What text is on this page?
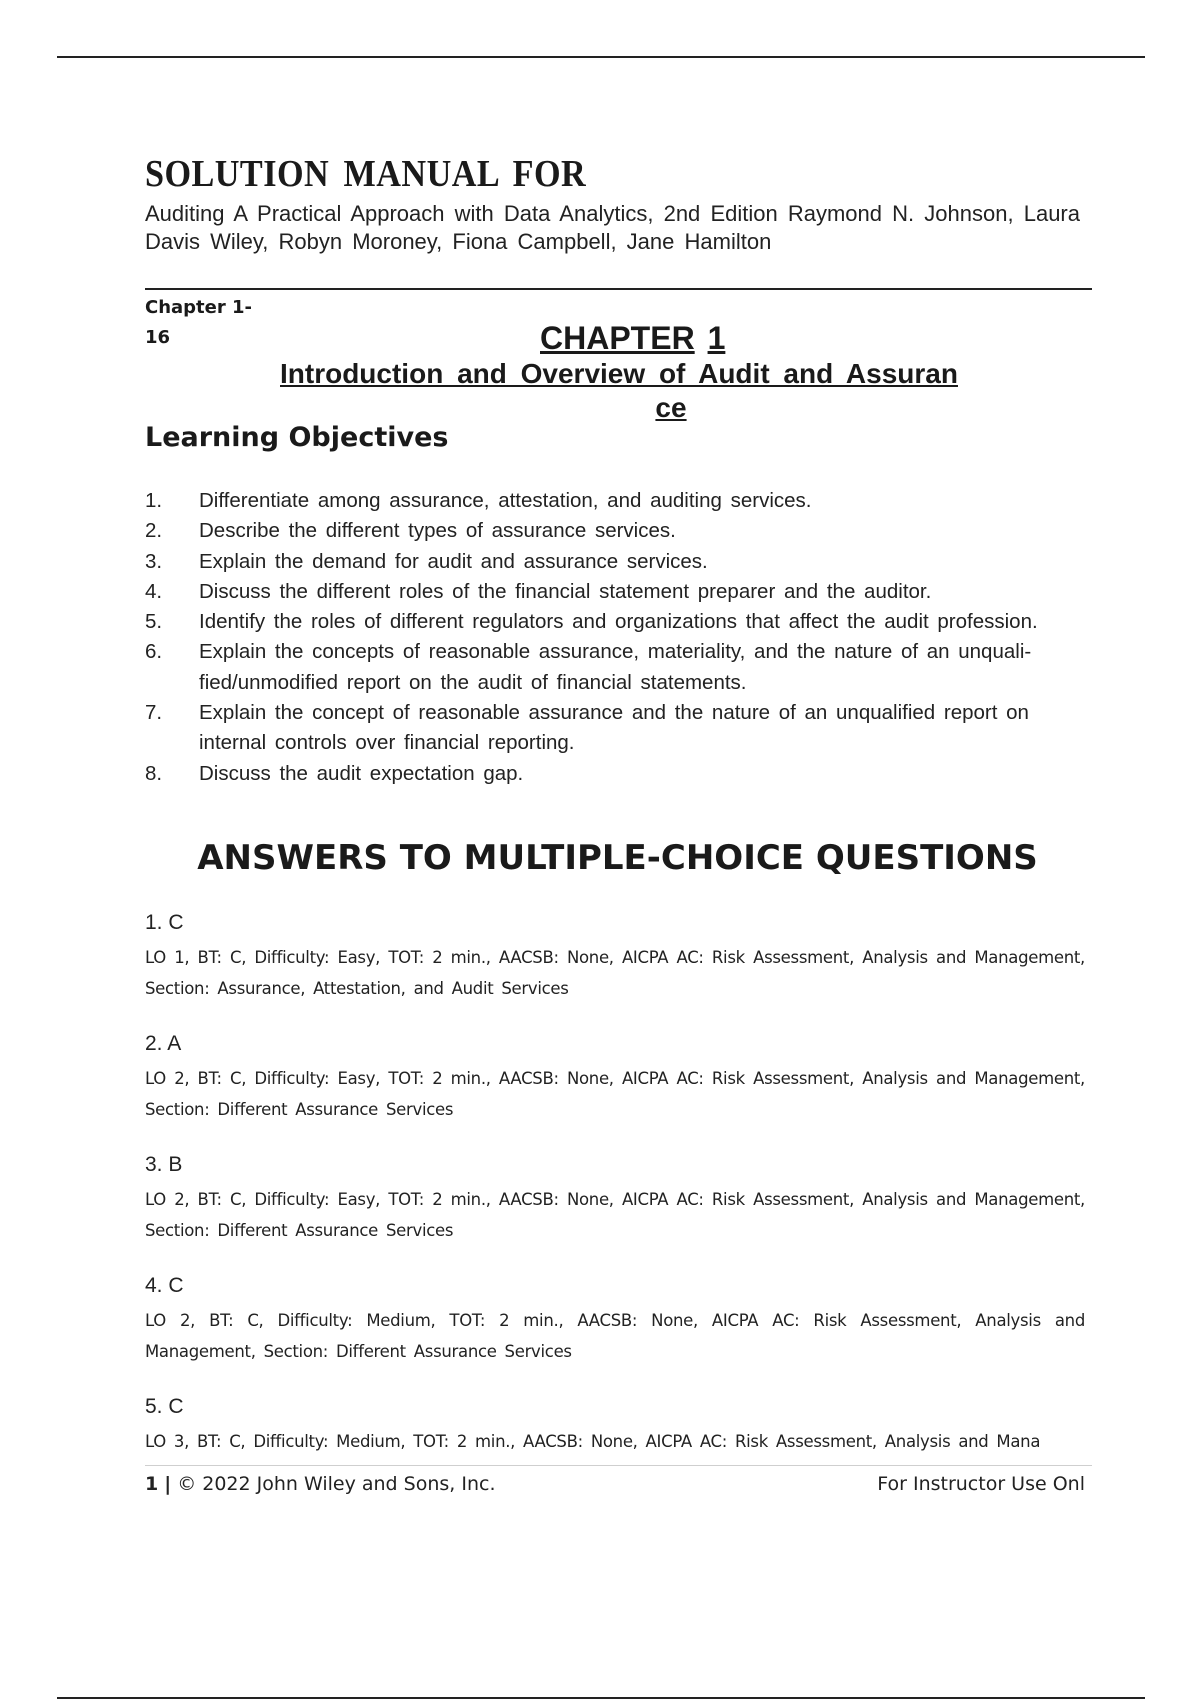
SOLUTION MANUAL FOR
Auditing A Practical Approach with Data Analytics, 2nd Edition Raymond N. Johnson, Laura Davis Wiley, Robyn Moroney, Fiona Campbell, Jane Hamilton
Chapter 1-16	CHAPTER 1
Introduction and Overview of Audit and Assuran
ce
Learning Objectives
1.	Differentiate among assurance, attestation, and auditing services.
2.	Describe the different types of assurance services.
3.	Explain the demand for audit and assurance services.
4.	Discuss the different roles of the financial statement preparer and the auditor.
5.	Identify the roles of different regulators and organizations that affect the audit profession.
6.	Explain the concepts of reasonable assurance, materiality, and the nature of an unquali- fied/unmodified report on the audit of financial statements.
7.	Explain the concept of reasonable assurance and the nature of an unqualified report on internal controls over financial reporting.
8.	Discuss the audit expectation gap.
ANSWERS TO MULTIPLE-CHOICE QUESTIONS
1. C
LO 1, BT: C, Difficulty: Easy, TOT: 2 min., AACSB: None, AICPA AC: Risk Assessment, Analysis and Management, Section: Assurance, Attestation, and Audit Services
2. A
LO 2, BT: C, Difficulty: Easy, TOT: 2 min., AACSB: None, AICPA AC: Risk Assessment, Analysis and Management, Section: Different Assurance Services
3. B
LO 2, BT: C, Difficulty: Easy, TOT: 2 min., AACSB: None, AICPA AC: Risk Assessment, Analysis and Management, Section: Different Assurance Services
4. C
LO 2, BT: C, Difficulty: Medium, TOT: 2 min., AACSB: None, AICPA AC: Risk Assessment, Analysis and Management, Section: Different Assurance Services
5. C
LO 3, BT: C, Difficulty: Medium, TOT: 2 min., AACSB: None, AICPA AC: Risk Assessment, Analysis and Mana
1 | © 2022 John Wiley and Sons, Inc.	For Instructor Use Onl
